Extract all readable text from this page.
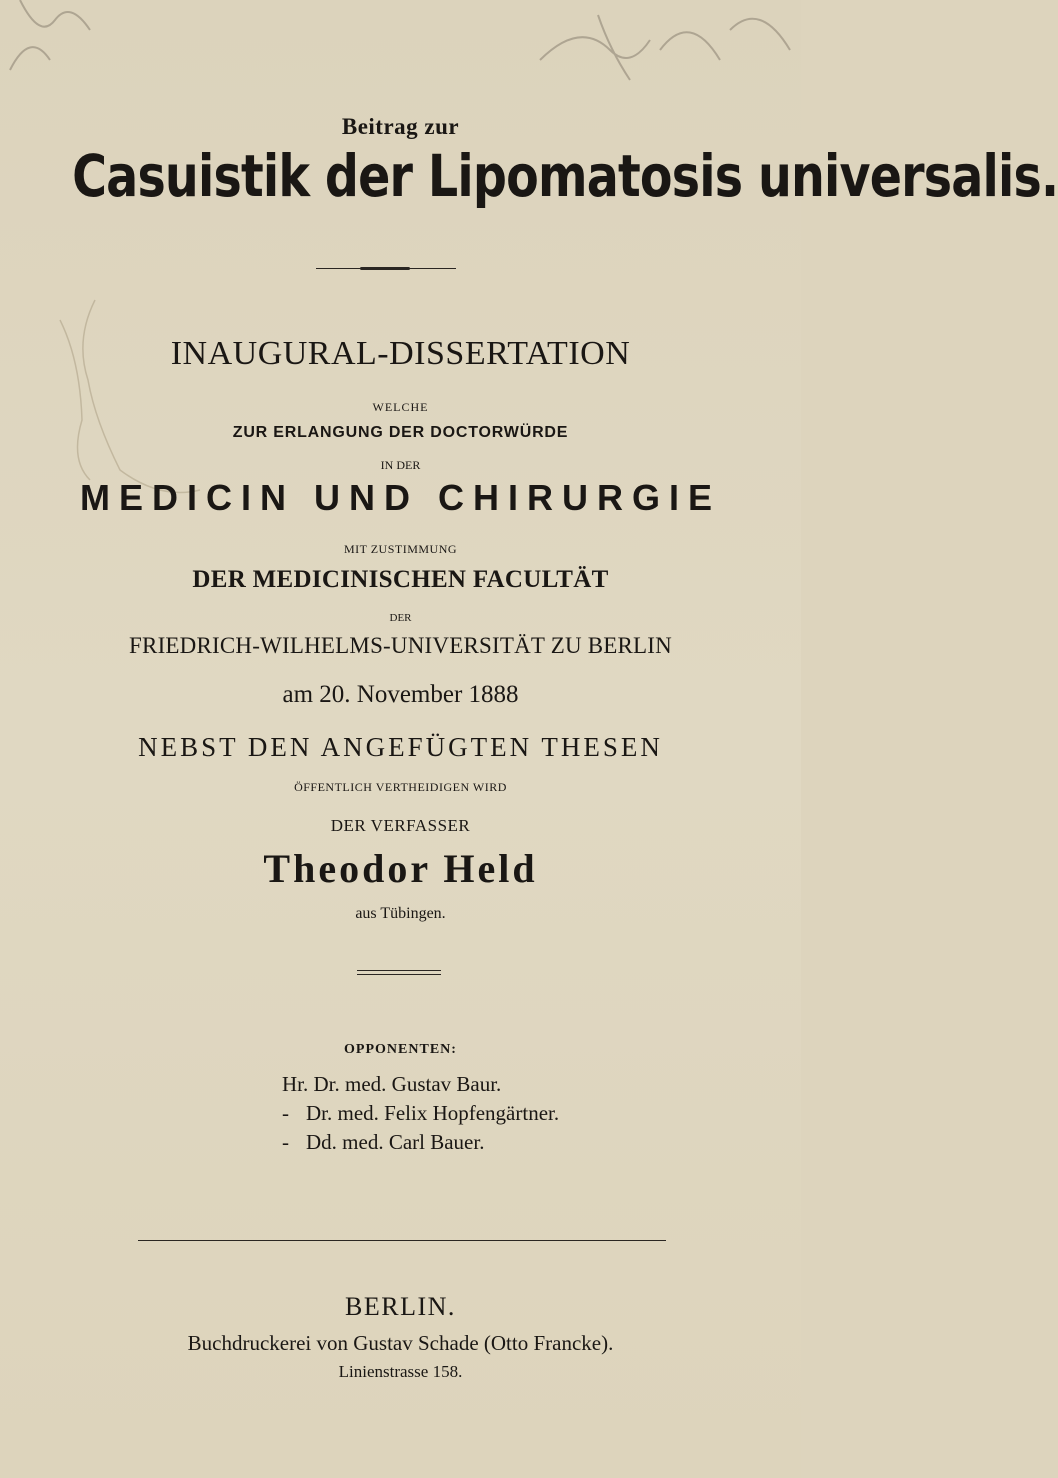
Beitrag zur
Casuistik der Lipomatosis universalis.
INAUGURAL-DISSERTATION
WELCHE
ZUR ERLANGUNG DER DOCTORWÜRDE
IN DER
MEDICIN UND CHIRURGIE
MIT ZUSTIMMUNG
DER MEDICINISCHEN FACULTÄT
DER
FRIEDRICH-WILHELMS-UNIVERSITÄT ZU BERLIN
am 20. November 1888
NEBST DEN ANGEFÜGTEN THESEN
ÖFFENTLICH VERTHEIDIGEN WIRD
DER VERFASSER
Theodor Held
aus Tübingen.
OPPONENTEN:
Hr. Dr. med. Gustav Baur.
- Dr. med. Felix Hopfengärtner.
- Dd. med. Carl Bauer.
BERLIN.
Buchdruckerei von Gustav Schade (Otto Francke).
Linienstrasse 158.
